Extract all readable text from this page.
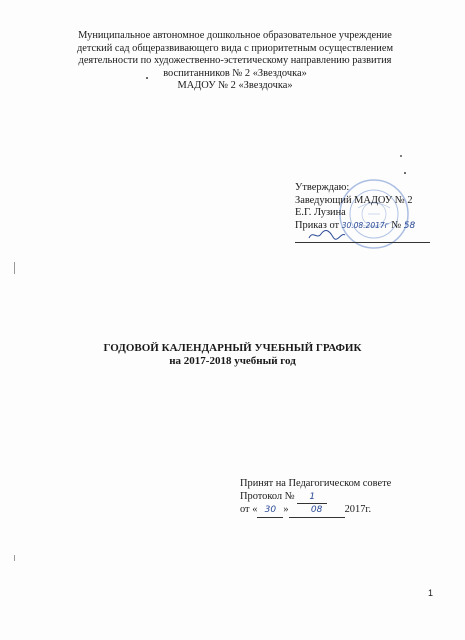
Муниципальное автономное дошкольное образовательное учреждение
детский сад общеразвивающего вида с приоритетным осуществлением
деятельности по художественно-эстетическому направлению развития
воспитанников № 2 «Звездочка»
МАДОУ № 2 «Звездочка»
Утверждаю:
Заведующий МАДОУ № 2
Е.Г. Лузина
Приказ от 30.08.2017г № 58
ГОДОВОЙ КАЛЕНДАРНЫЙ УЧЕБНЫЙ ГРАФИК
на 2017-2018 учебный год
Принят на Педагогическом совете
Протокол № 1
от « 30 » 08 2017г.
1
